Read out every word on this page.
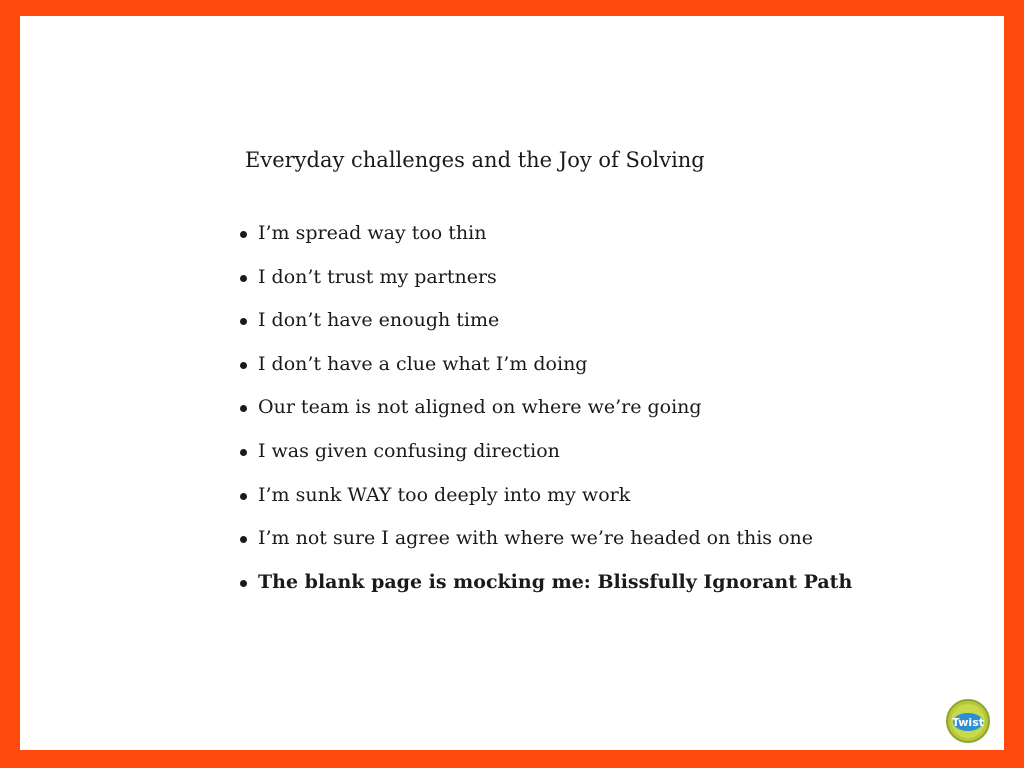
Everyday challenges and the Joy of Solving
I’m spread way too thin
I don’t trust my partners
I don’t have enough time
I don’t have a clue what I’m doing
Our team is not aligned on where we’re going
I was given confusing direction
I’m sunk WAY too deeply into my work
I’m not sure I agree with where we’re headed on this one
The blank page is mocking me: Blissfully Ignorant Path
Twist
